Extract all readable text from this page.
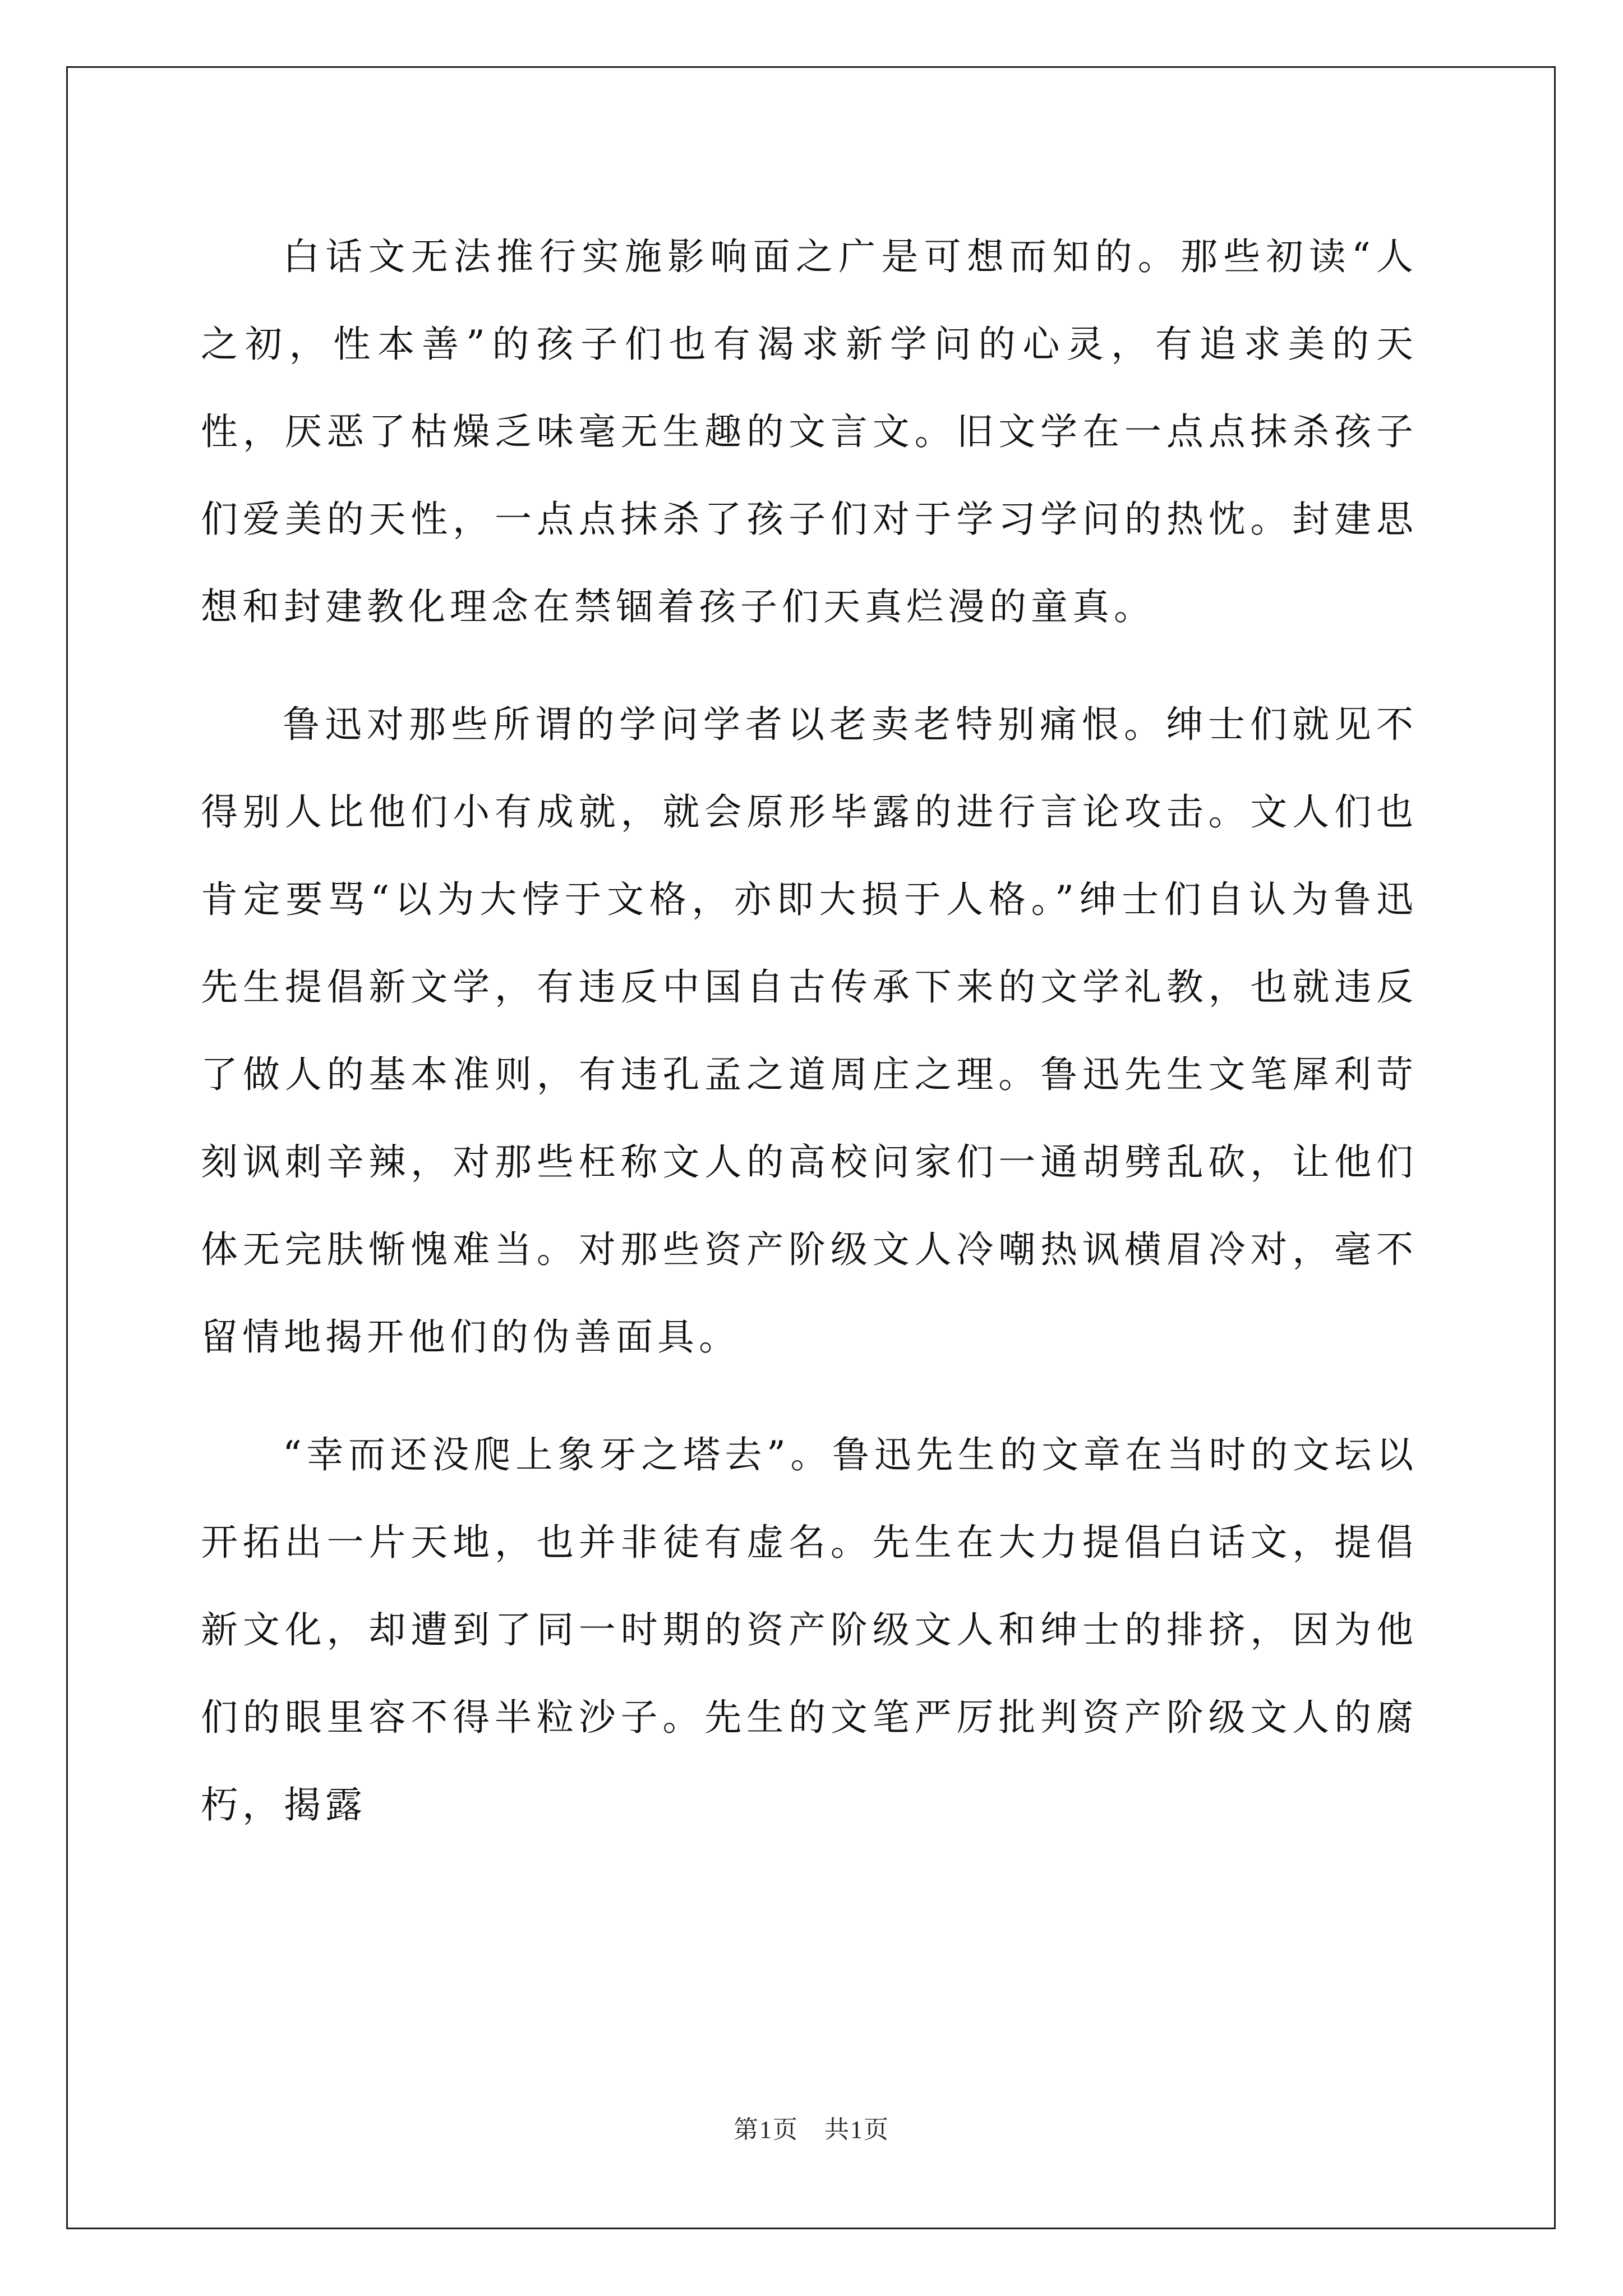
白话文无法推行实施影响面之广是可想而知的。那些初读“人之初，性本善”的孩子们也有渴求新学问的心灵，有追求美的天性，厌恶了枯燥乏味毫无生趣的文言文。旧文学在一点点抹杀孩子们爱美的天性，一点点抹杀了孩子们对于学习学问的热忱。封建思想和封建教化理念在禁锢着孩子们天真烂漫的童真。

鲁迅对那些所谓的学问学者以老卖老特别痛恨。绅士们就见不得别人比他们小有成就，就会原形毕露的进行言论攻击。文人们也肯定要骂“以为大悖于文格，亦即大损于人格。”绅士们自认为鲁迅先生提倡新文学，有违反中国自古传承下来的文学礼教，也就违反了做人的基本准则，有违孔孟之道周庄之理。鲁迅先生文笔犀利苛刻讽刺辛辣，对那些枉称文人的高校问家们一通胡劈乱砍，让他们体无完肤惭愧难当。对那些资产阶级文人冷嘲热讽横眉冷对，毫不留情地揭开他们的伪善面具。

“幸而还没爬上象牙之塔去”。鲁迅先生的文章在当时的文坛以开拓出一片天地，也并非徒有虚名。先生在大力提倡白话文，提倡新文化，却遭到了同一时期的资产阶级文人和绅士的排挤，因为他们的眼里容不得半粒沙子。先生的文笔严厉批判资产阶级文人的腐朽，揭露

第1页 共1页
